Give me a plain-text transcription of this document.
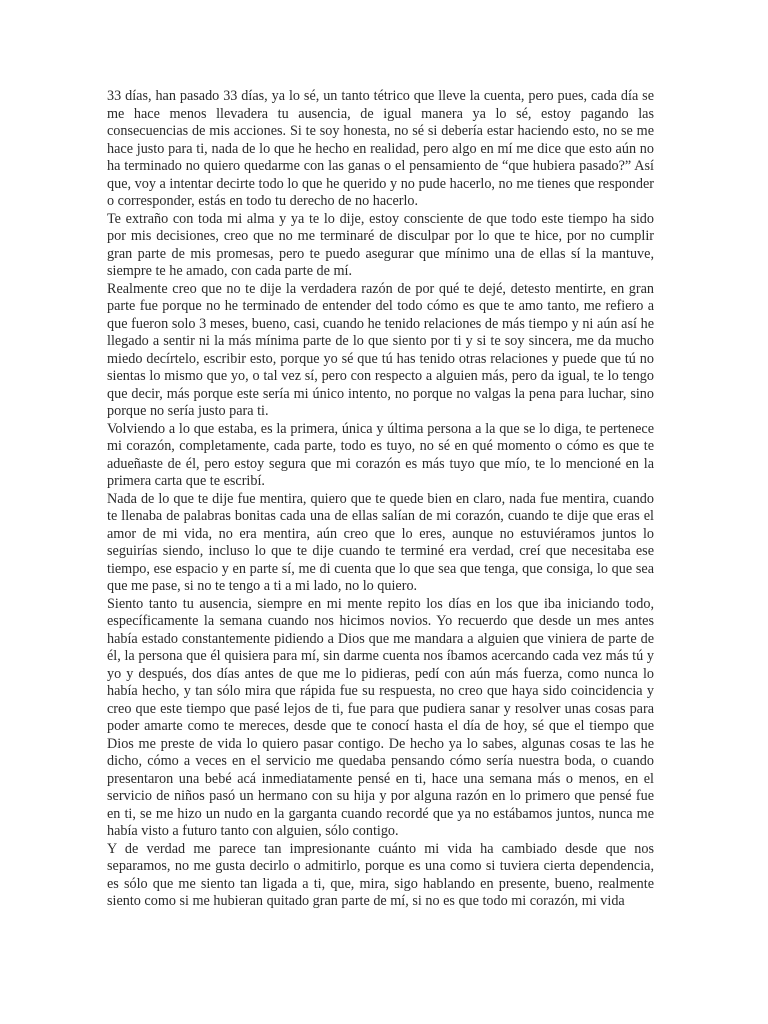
33 días, han pasado 33 días, ya lo sé, un tanto tétrico que lleve la cuenta, pero pues, cada día se me hace menos llevadera tu ausencia, de igual manera ya lo sé, estoy pagando las consecuencias de mis acciones. Si te soy honesta, no sé si debería estar haciendo esto, no se me hace justo para ti, nada de lo que he hecho en realidad, pero algo en mí me dice que esto aún no ha terminado no quiero quedarme con las ganas o el pensamiento de “que hubiera pasado?” Así que, voy a intentar decirte todo lo que he querido y no pude hacerlo, no me tienes que responder o corresponder, estás en todo tu derecho de no hacerlo.

Te extraño con toda mi alma y ya te lo dije, estoy consciente de que todo este tiempo ha sido por mis decisiones, creo que no me terminaré de disculpar por lo que te hice, por no cumplir gran parte de mis promesas, pero te puedo asegurar que mínimo una de ellas sí la mantuve, siempre te he amado, con cada parte de mí.

Realmente creo que no te dije la verdadera razón de por qué te dejé, detesto mentirte, en gran parte fue porque no he terminado de entender del todo cómo es que te amo tanto, me refiero a que fueron solo 3 meses, bueno, casi, cuando he tenido relaciones de más tiempo y ni aún así he llegado a sentir ni la más mínima parte de lo que siento por ti y si te soy sincera, me da mucho miedo decírtelo, escribir esto, porque yo sé que tú has tenido otras relaciones y puede que tú no sientas lo mismo que yo, o tal vez sí, pero con respecto a alguien más, pero da igual, te lo tengo que decir, más porque este sería mi único intento, no porque no valgas la pena para luchar, sino porque no sería justo para ti.

Volviendo a lo que estaba, es la primera, única y última persona a la que se lo diga, te pertenece mi corazón, completamente, cada parte, todo es tuyo, no sé en qué momento o cómo es que te adueñaste de él, pero estoy segura que mi corazón es más tuyo que mío, te lo mencioné en la primera carta que te escribí.

Nada de lo que te dije fue mentira, quiero que te quede bien en claro, nada fue mentira, cuando te llenaba de palabras bonitas cada una de ellas salían de mi corazón, cuando te dije que eras el amor de mi vida, no era mentira, aún creo que lo eres, aunque no estuviéramos juntos lo seguirías siendo, incluso lo que te dije cuando te terminé era verdad, creí que necesitaba ese tiempo, ese espacio y en parte sí, me di cuenta que lo que sea que tenga, que consiga, lo que sea que me pase, si no te tengo a ti a mi lado, no lo quiero.

Siento tanto tu ausencia, siempre en mi mente repito los días en los que iba iniciando todo, específicamente la semana cuando nos hicimos novios. Yo recuerdo que desde un mes antes había estado constantemente pidiendo a Dios que me mandara a alguien que viniera de parte de él, la persona que él quisiera para mí, sin darme cuenta nos íbamos acercando cada vez más tú y yo y después, dos días antes de que me lo pidieras, pedí con aún más fuerza, como nunca lo había hecho, y tan sólo mira que rápida fue su respuesta, no creo que haya sido coincidencia y creo que este tiempo que pasé lejos de ti, fue para que pudiera sanar y resolver unas cosas para poder amarte como te mereces, desde que te conocí hasta el día de hoy, sé que el tiempo que Dios me preste de vida lo quiero pasar contigo. De hecho ya lo sabes, algunas cosas te las he dicho, cómo a veces en el servicio me quedaba pensando cómo sería nuestra boda, o cuando presentaron una bebé acá inmediatamente pensé en ti, hace una semana más o menos, en el servicio de niños pasó un hermano con su hija y por alguna razón en lo primero que pensé fue en ti, se me hizo un nudo en la garganta cuando recordé que ya no estábamos juntos, nunca me había visto a futuro tanto con alguien, sólo contigo.

Y de verdad me parece tan impresionante cuánto mi vida ha cambiado desde que nos separamos, no me gusta decirlo o admitirlo, porque es una como si tuviera cierta dependencia, es sólo que me siento tan ligada a ti, que, mira, sigo hablando en presente, bueno, realmente siento como si me hubieran quitado gran parte de mí, si no es que todo mi corazón, mi vida
